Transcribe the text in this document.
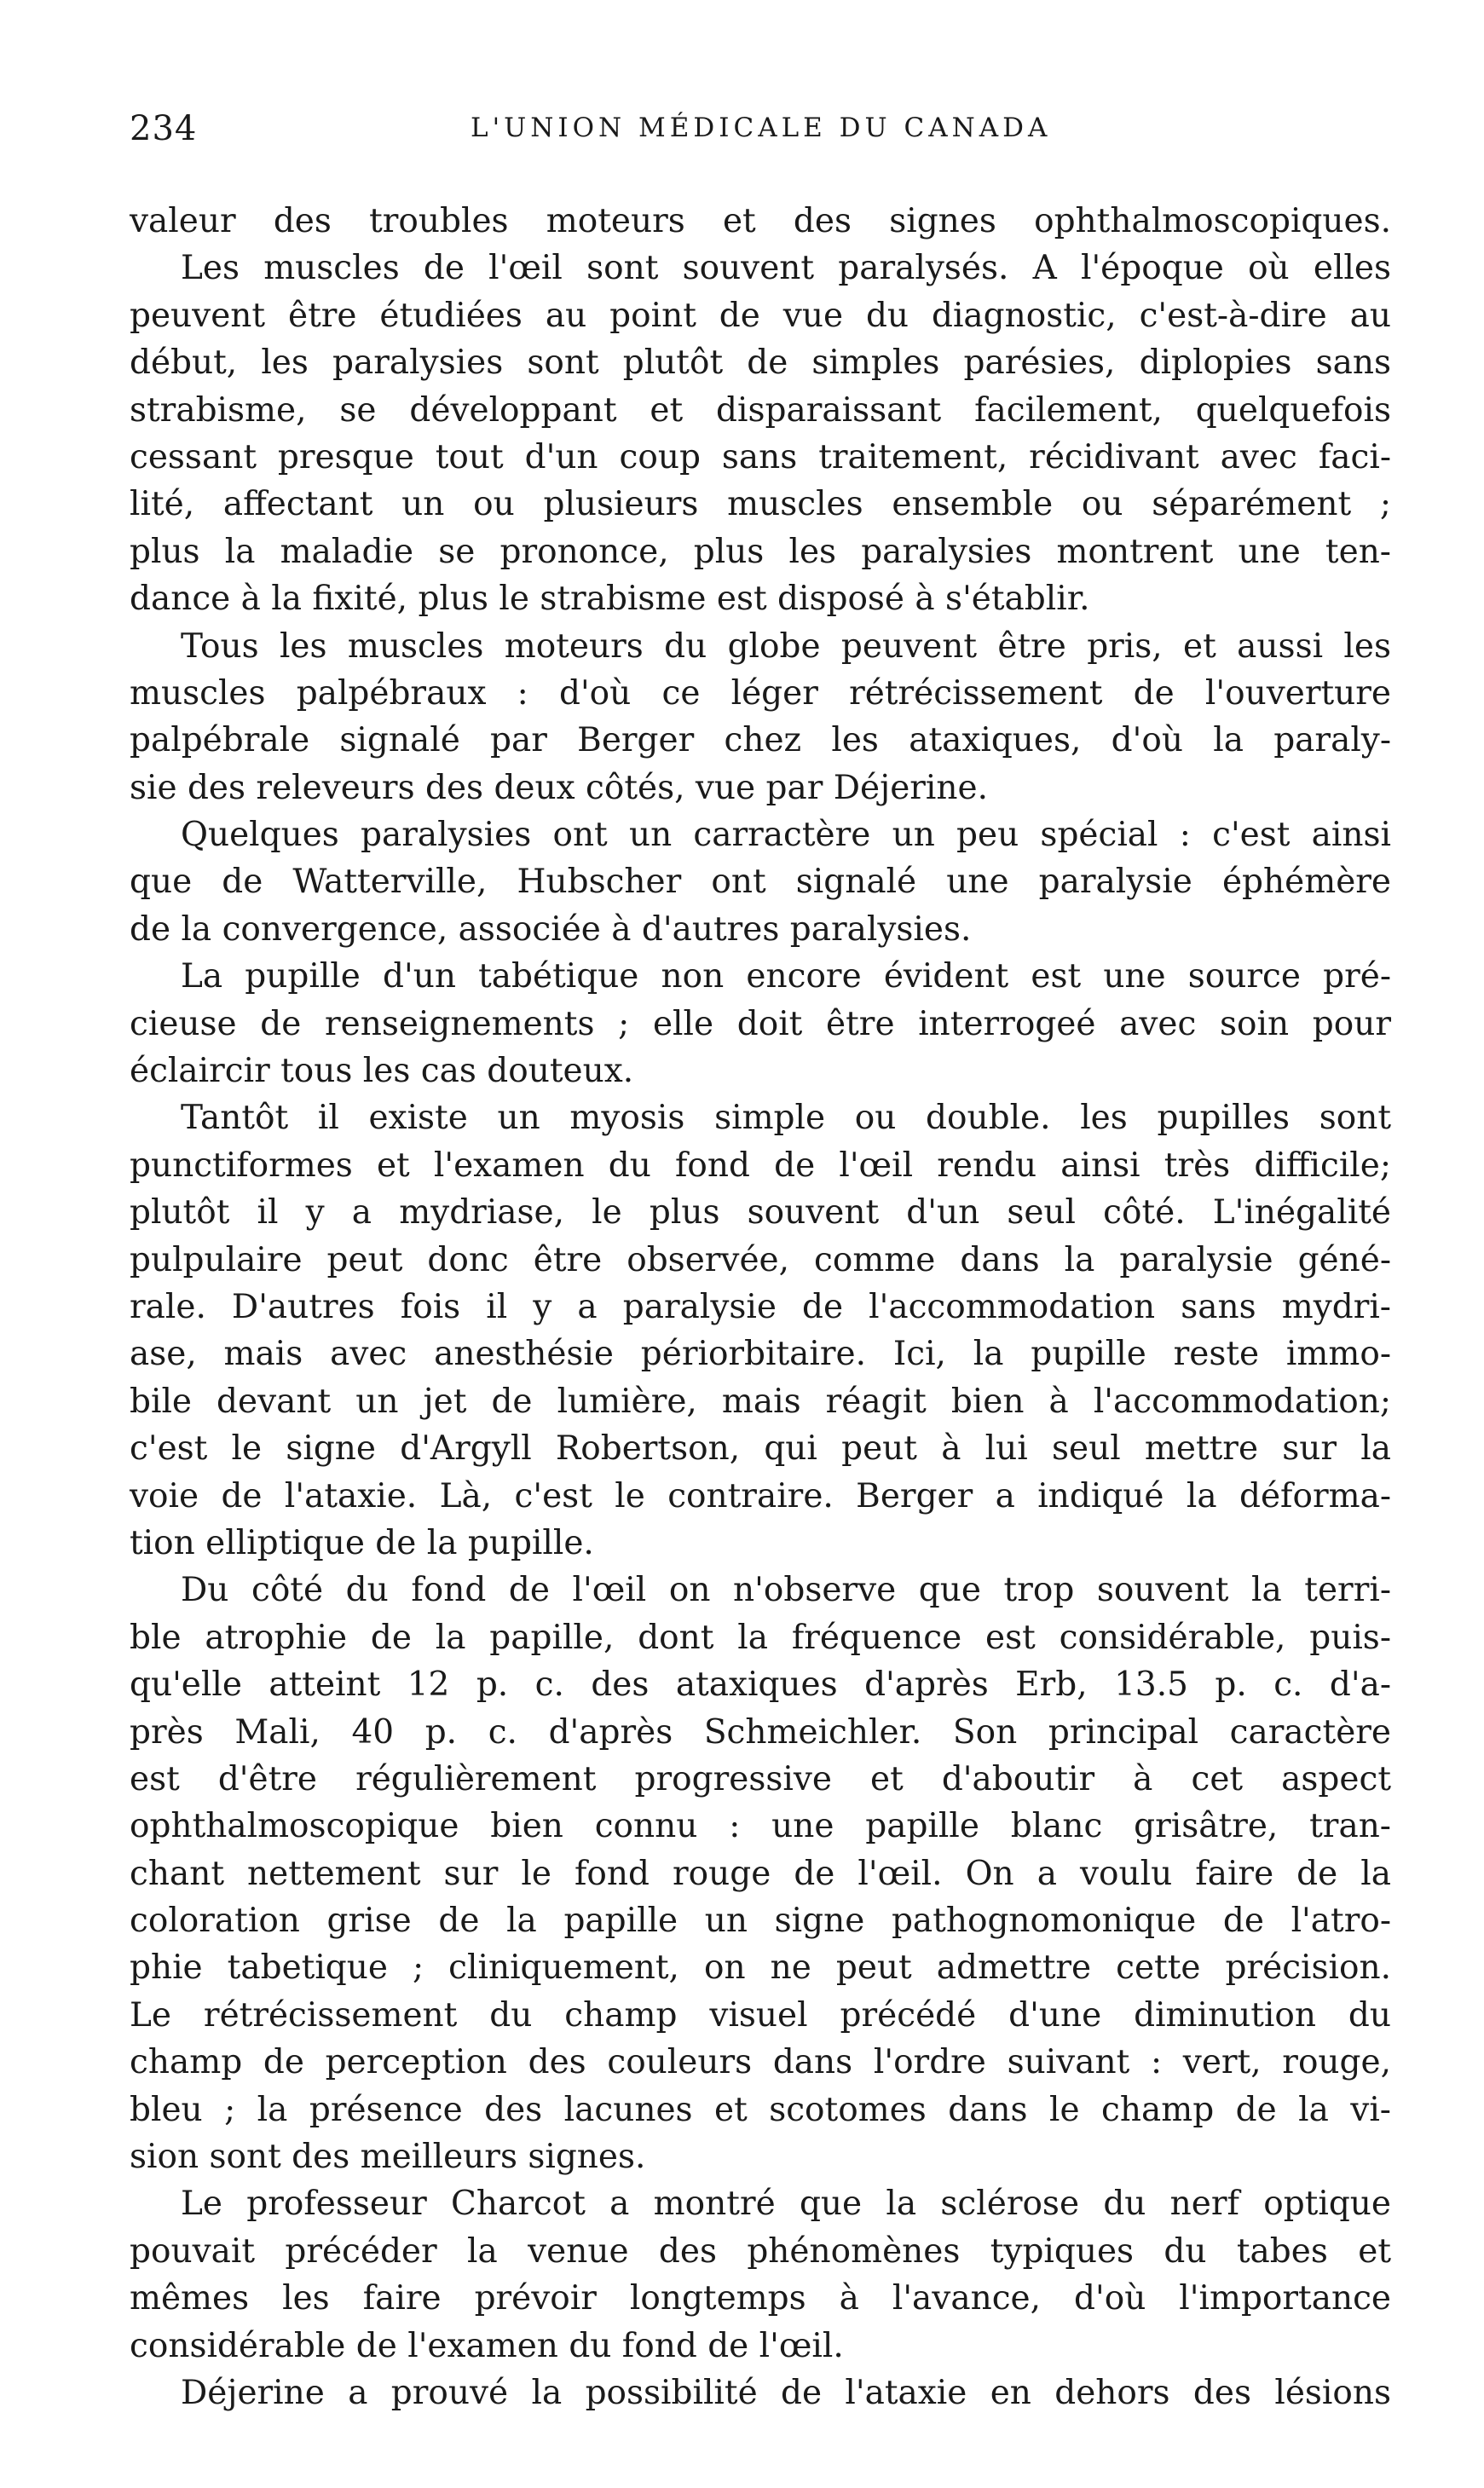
234	L'UNION MÉDICALE DU CANADA
valeur des troubles moteurs et des signes ophthalmoscopiques.
Les muscles de l'œil sont souvent paralysés. A l'époque où elles
peuvent être étudiées au point de vue du diagnostic, c'est-à-dire au
début, les paralysies sont plutôt de simples parésies, diplopies sans
strabisme, se développant et disparaissant facilement, quelquefois
cessant presque tout d'un coup sans traitement, récidivant avec faci-
lité, affectant un ou plusieurs muscles ensemble ou séparément ;
plus la maladie se prononce, plus les paralysies montrent une ten-
dance à la fixité, plus le strabisme est disposé à s'établir.
Tous les muscles moteurs du globe peuvent être pris, et aussi les
muscles palpébraux : d'où ce léger rétrécissement de l'ouverture
palpébrale signalé par Berger chez les ataxiques, d'où la paraly-
sie des releveurs des deux côtés, vue par Déjerine.
Quelques paralysies ont un carractère un peu spécial : c'est ainsi
que de Watterville, Hubscher ont signalé une paralysie éphémère
de la convergence, associée à d'autres paralysies.
La pupille d'un tabétique non encore évident est une source pré-
cieuse de renseignements ; elle doit être interrogeé avec soin pour
éclaircir tous les cas douteux.
Tantôt il existe un myosis simple ou double. les pupilles sont
punctiformes et l'examen du fond de l'œil rendu ainsi très difficile;
plutôt il y a mydriase, le plus souvent d'un seul côté. L'inégalité
pulpulaire peut donc être observée, comme dans la paralysie géné-
rale. D'autres fois il y a paralysie de l'accommodation sans mydri-
ase, mais avec anesthésie périorbitaire. Ici, la pupille reste immo-
bile devant un jet de lumière, mais réagit bien à l'accommodation;
c'est le signe d'Argyll Robertson, qui peut à lui seul mettre sur la
voie de l'ataxie. Là, c'est le contraire. Berger a indiqué la déforma-
tion elliptique de la pupille.
Du côté du fond de l'œil on n'observe que trop souvent la terri-
ble atrophie de la papille, dont la fréquence est considérable, puis-
qu'elle atteint 12 p. c. des ataxiques d'après Erb, 13.5 p. c. d'a-
près Mali, 40 p. c. d'après Schmeichler. Son principal caractère
est d'être régulièrement progressive et d'aboutir à cet aspect
ophthalmoscopique bien connu : une papille blanc grisâtre, tran-
chant nettement sur le fond rouge de l'œil. On a voulu faire de la
coloration grise de la papille un signe pathognomonique de l'atro-
phie tabetique ; cliniquement, on ne peut admettre cette précision.
Le rétrécissement du champ visuel précédé d'une diminution du
champ de perception des couleurs dans l'ordre suivant : vert, rouge,
bleu ; la présence des lacunes et scotomes dans le champ de la vi-
sion sont des meilleurs signes.
Le professeur Charcot a montré que la sclérose du nerf optique
pouvait précéder la venue des phénomènes typiques du tabes et
mêmes les faire prévoir longtemps à l'avance, d'où l'importance
considérable de l'examen du fond de l'œil.
Déjerine a prouvé la possibilité de l'ataxie en dehors des lésions
